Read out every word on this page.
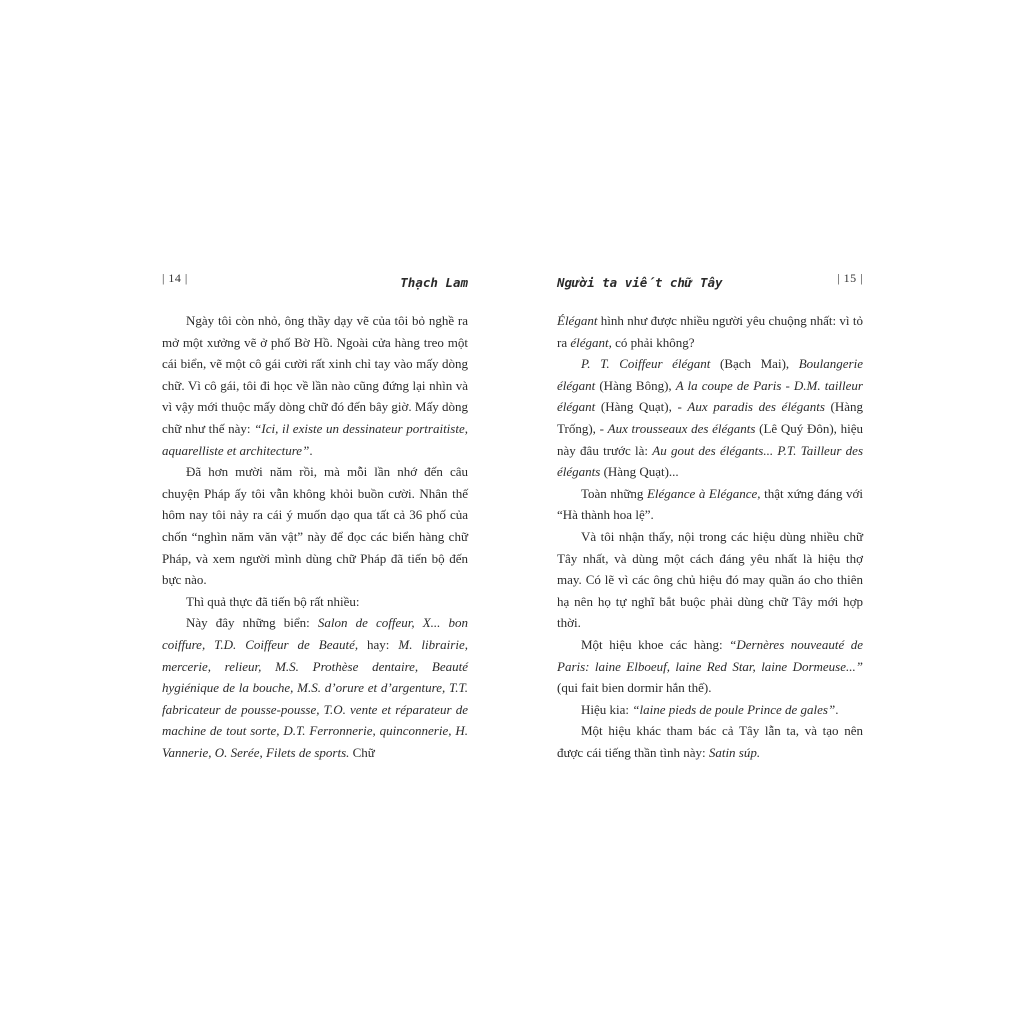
| 14 |	Thạch Lam

Ngày tôi còn nhỏ, ông thầy dạy vẽ của tôi bỏ nghề ra mở một xưởng vẽ ở phố Bờ Hồ. Ngoài cửa hàng treo một cái biển, vẽ một cô gái cười rất xinh chỉ tay vào mấy dòng chữ. Vì cô gái, tôi đi học về lần nào cũng đứng lại nhìn và vì vậy mới thuộc mấy dòng chữ đó đến bây giờ. Mấy dòng chữ như thế này: “Ici, il existe un dessinateur portraitiste, aquarelliste et architecture”.

Đã hơn mười năm rồi, mà mỗi lần nhớ đến câu chuyện Pháp ấy tôi vẫn không khỏi buồn cười. Nhân thế hôm nay tôi nảy ra cái ý muốn dạo qua tất cả 36 phố của chốn “nghìn năm văn vật” này để đọc các biển hàng chữ Pháp, và xem người mình dùng chữ Pháp đã tiến bộ đến bực nào.

Thì quả thực đã tiến bộ rất nhiều:

Này đây những biển: Salon de coffeur, X... bon coiffure, T.D. Coiffeur de Beauté, hay: M. librairie, mercerie, relieur, M.S. Prothèse dentaire, Beauté hygiénique de la bouche, M.S. d’orure et d’argenture, T.T. fabricateur de pousse-pousse, T.O. vente et réparateur de machine de tout sorte, D.T. Ferronnerie, quinconnerie, H. Vannerie, O. Serée, Filets de sports. Chữ

Người ta viết chữ Tây	| 15 |

Élégant hình như được nhiều người yêu chuộng nhất: vì tỏ ra élégant, có phải không?

P. T. Coiffeur élégant (Bạch Mai), Boulangerie élégant (Hàng Bông), A la coupe de Paris - D.M. tailleur élégant (Hàng Quạt), - Aux paradis des élégants (Hàng Trống), - Aux trousseaux des élégants (Lê Quý Đôn), hiệu này đâu trước là: Au gout des élégants... P.T. Tailleur des élégants (Hàng Quạt)...

Toàn những Elégance à Elégance, thật xứng đáng với “Hà thành hoa lệ”.

Và tôi nhận thấy, nội trong các hiệu dùng nhiều chữ Tây nhất, và dùng một cách đáng yêu nhất là hiệu thợ may. Có lẽ vì các ông chủ hiệu đó may quần áo cho thiên hạ nên họ tự nghĩ bắt buộc phải dùng chữ Tây mới hợp thời.

Một hiệu khoe các hàng: “Dernères nouveauté de Paris: laine Elboeuf, laine Red Star, laine Dormeuse...” (qui fait bien dormir hắn thế).

Hiệu kia: “laine pieds de poule Prince de gales”.

Một hiệu khác tham bác cả Tây lẫn ta, và tạo nên được cái tiếng thần tình này: Satin súp.
